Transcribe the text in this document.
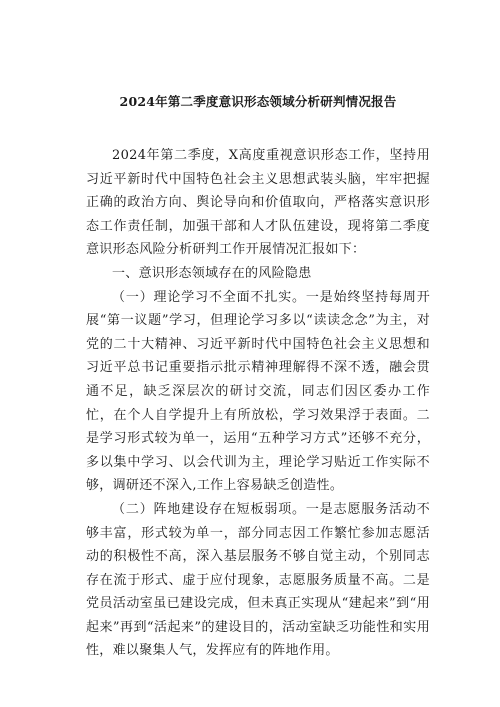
2024年第二季度意识形态领域分析研判情况报告

2024年第二季度，X高度重视意识形态工作，坚持用习近平新时代中国特色社会主义思想武装头脑，牢牢把握正确的政治方向、舆论导向和价值取向，严格落实意识形态工作责任制，加强干部和人才队伍建设，现将第二季度意识形态风险分析研判工作开展情况汇报如下：

一、意识形态领域存在的风险隐患

（一）理论学习不全面不扎实。一是始终坚持每周开展“第一议题”学习，但理论学习多以“读读念念”为主，对党的二十大精神、习近平新时代中国特色社会主义思想和习近平总书记重要指示批示精神理解得不深不透，融会贯通不足，缺乏深层次的研讨交流，同志们因区委办工作忙，在个人自学提升上有所放松，学习效果浮于表面。二是学习形式较为单一，运用“五种学习方式”还够不充分，多以集中学习、以会代训为主，理论学习贴近工作实际不够，调研还不深入,工作上容易缺乏创造性。

（二）阵地建设存在短板弱项。一是志愿服务活动不够丰富，形式较为单一，部分同志因工作繁忙参加志愿活动的积极性不高，深入基层服务不够自觉主动，个别同志存在流于形式、虚于应付现象，志愿服务质量不高。二是党员活动室虽已建设完成，但未真正实现从“建起来”到“用起来”再到“活起来”的建设目的，活动室缺乏功能性和实用性，难以聚集人气，发挥应有的阵地作用。
